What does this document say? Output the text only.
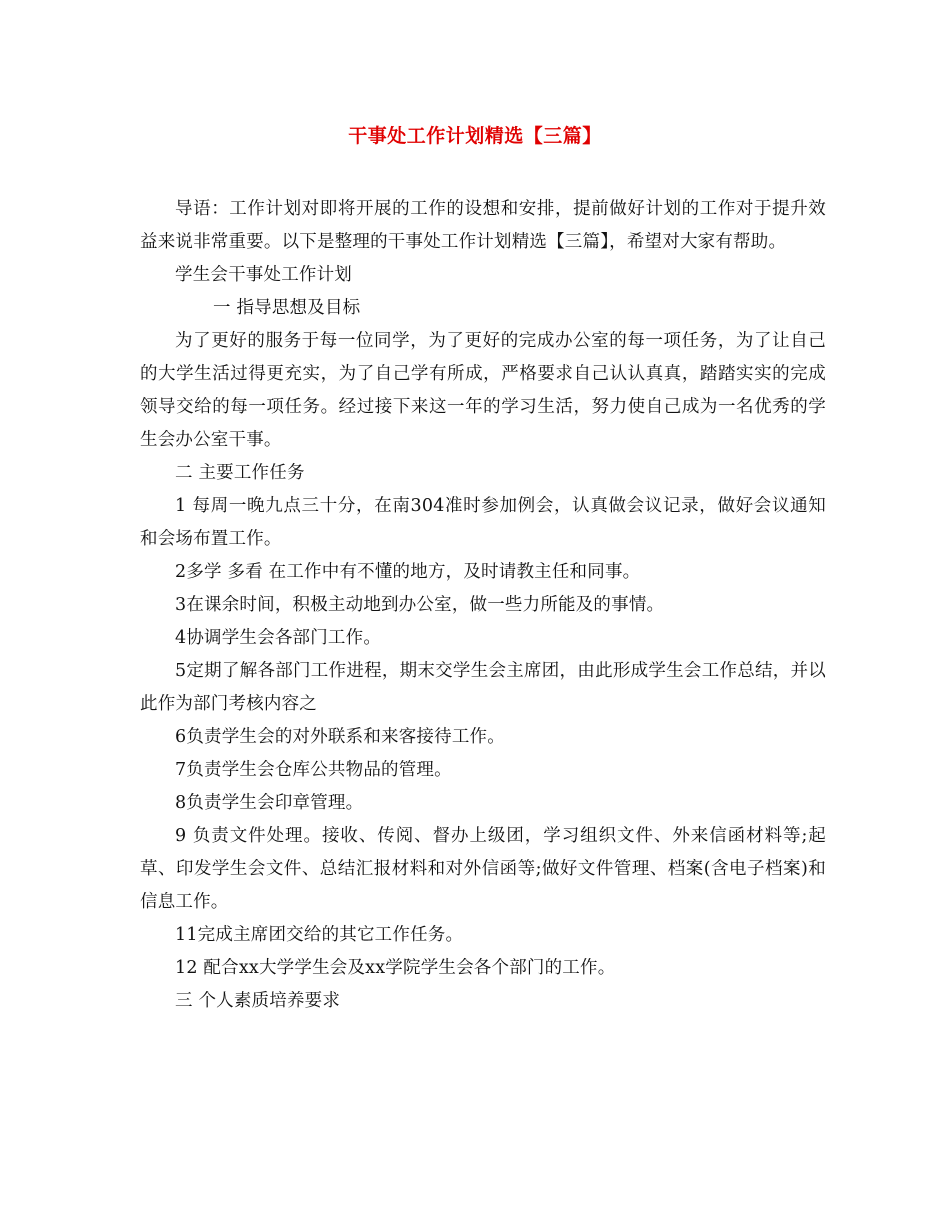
干事处工作计划精选【三篇】

导语：工作计划对即将开展的工作的设想和安排，提前做好计划的工作对于提升效益来说非常重要。以下是整理的干事处工作计划精选【三篇】，希望对大家有帮助。

学生会干事处工作计划

一 指导思想及目标

为了更好的服务于每一位同学，为了更好的完成办公室的每一项任务，为了让自己的大学生活过得更充实，为了自己学有所成，严格要求自己认认真真，踏踏实实的完成领导交给的每一项任务。经过接下来这一年的学习生活，努力使自己成为一名优秀的学生会办公室干事。

二 主要工作任务

1 每周一晚九点三十分，在南304准时参加例会，认真做会议记录，做好会议通知和会场布置工作。

2多学 多看 在工作中有不懂的地方，及时请教主任和同事。

3在课余时间，积极主动地到办公室，做一些力所能及的事情。

4协调学生会各部门工作。

5定期了解各部门工作进程，期末交学生会主席团，由此形成学生会工作总结，并以此作为部门考核内容之

6负责学生会的对外联系和来客接待工作。

7负责学生会仓库公共物品的管理。

8负责学生会印章管理。

9 负责文件处理。接收、传阅、督办上级团，学习组织文件、外来信函材料等;起草、印发学生会文件、总结汇报材料和对外信函等;做好文件管理、档案(含电子档案)和信息工作。

11完成主席团交给的其它工作任务。

12 配合xx大学学生会及xx学院学生会各个部门的工作。

三 个人素质培养要求
